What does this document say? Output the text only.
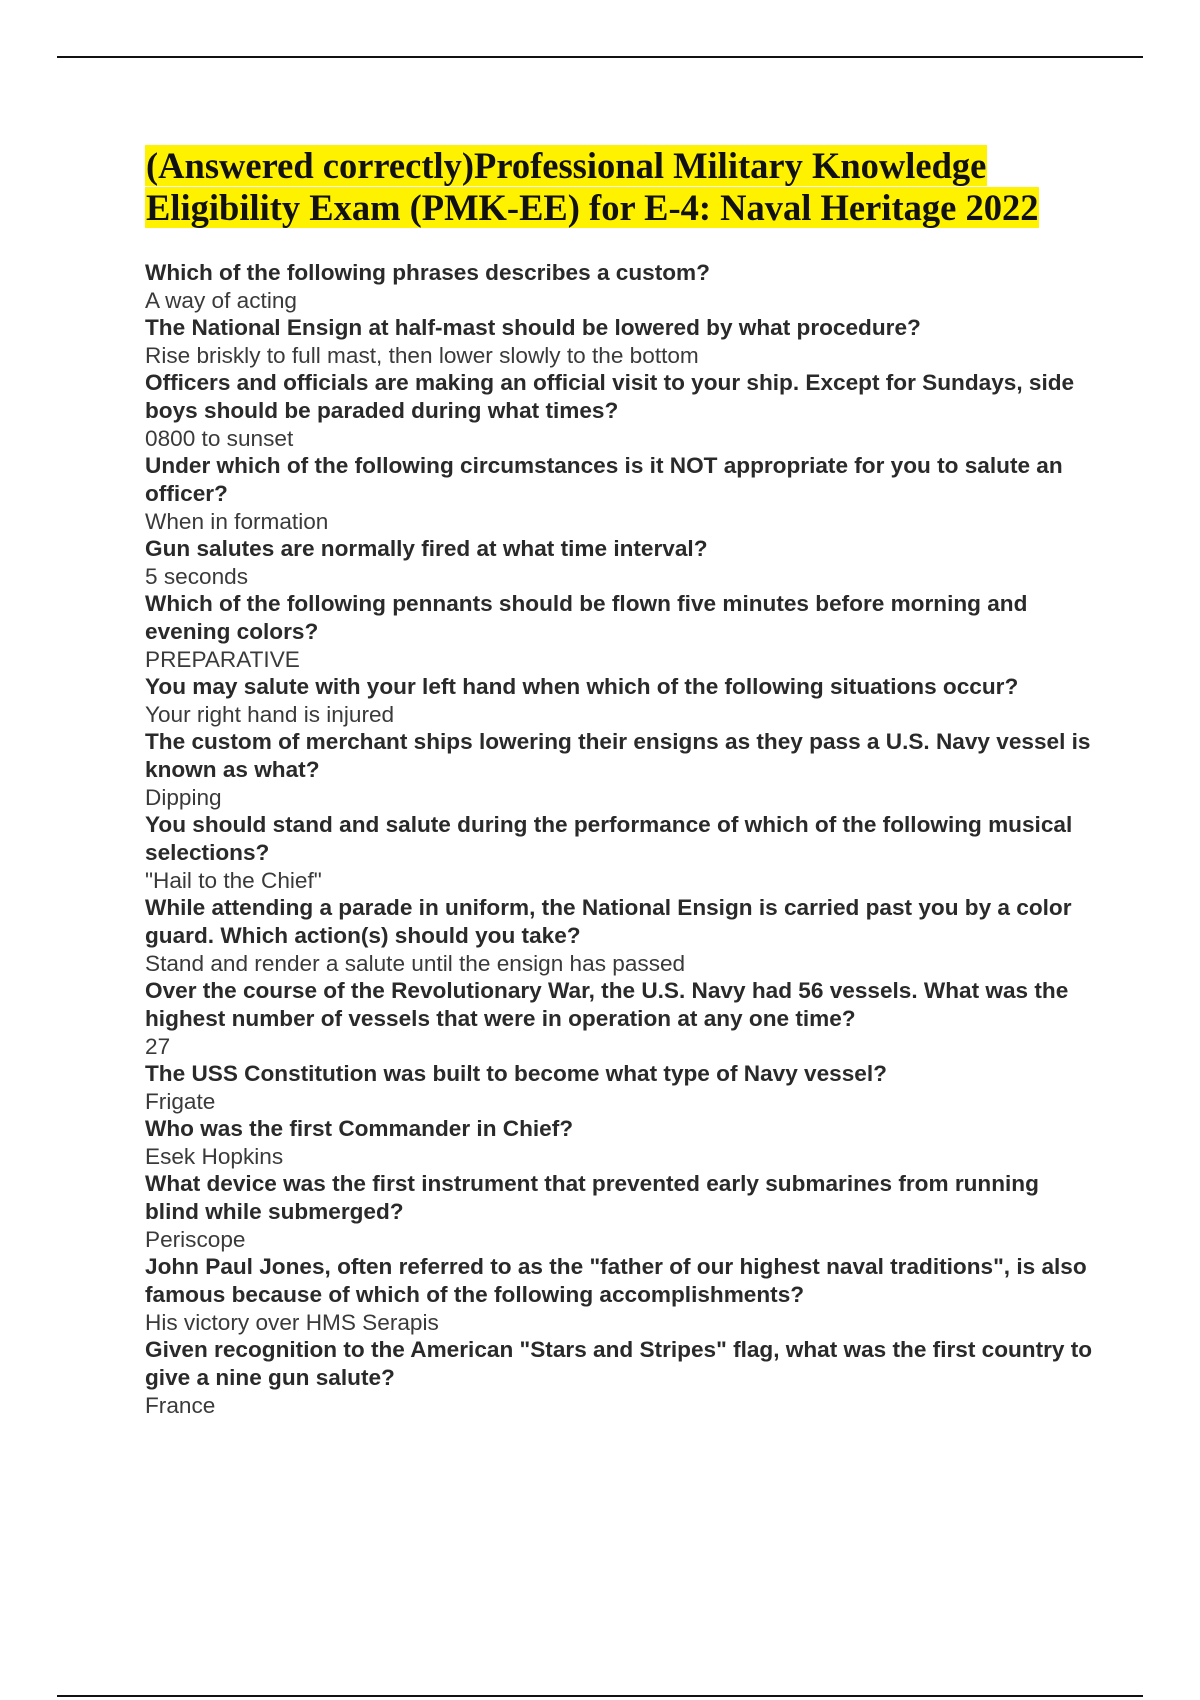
(Answered correctly)Professional Military Knowledge
Eligibility Exam (PMK-EE) for E-4: Naval Heritage 2022

Which of the following phrases describes a custom?

A way of acting

The National Ensign at half-mast should be lowered by what procedure?

Rise briskly to full mast, then lower slowly to the bottom

Officers and officials are making an official visit to your ship. Except for Sundays, side boys should be paraded during what times?

0800 to sunset

Under which of the following circumstances is it NOT appropriate for you to salute an officer?

When in formation

Gun salutes are normally fired at what time interval?

5 seconds

Which of the following pennants should be flown five minutes before morning and evening colors?

PREPARATIVE

You may salute with your left hand when which of the following situations occur?

Your right hand is injured

The custom of merchant ships lowering their ensigns as they pass a U.S. Navy vessel is known as what?

Dipping

You should stand and salute during the performance of which of the following musical selections?

"Hail to the Chief"

While attending a parade in uniform, the National Ensign is carried past you by a color guard. Which action(s) should you take?

Stand and render a salute until the ensign has passed

Over the course of the Revolutionary War, the U.S. Navy had 56 vessels. What was the highest number of vessels that were in operation at any one time?

27

The USS Constitution was built to become what type of Navy vessel?

Frigate

Who was the first Commander in Chief?

Esek Hopkins

What device was the first instrument that prevented early submarines from running blind while submerged?

Periscope

John Paul Jones, often referred to as the "father of our highest naval traditions", is also famous because of which of the following accomplishments?

His victory over HMS Serapis

Given recognition to the American "Stars and Stripes" flag, what was the first country to give a nine gun salute?

France
